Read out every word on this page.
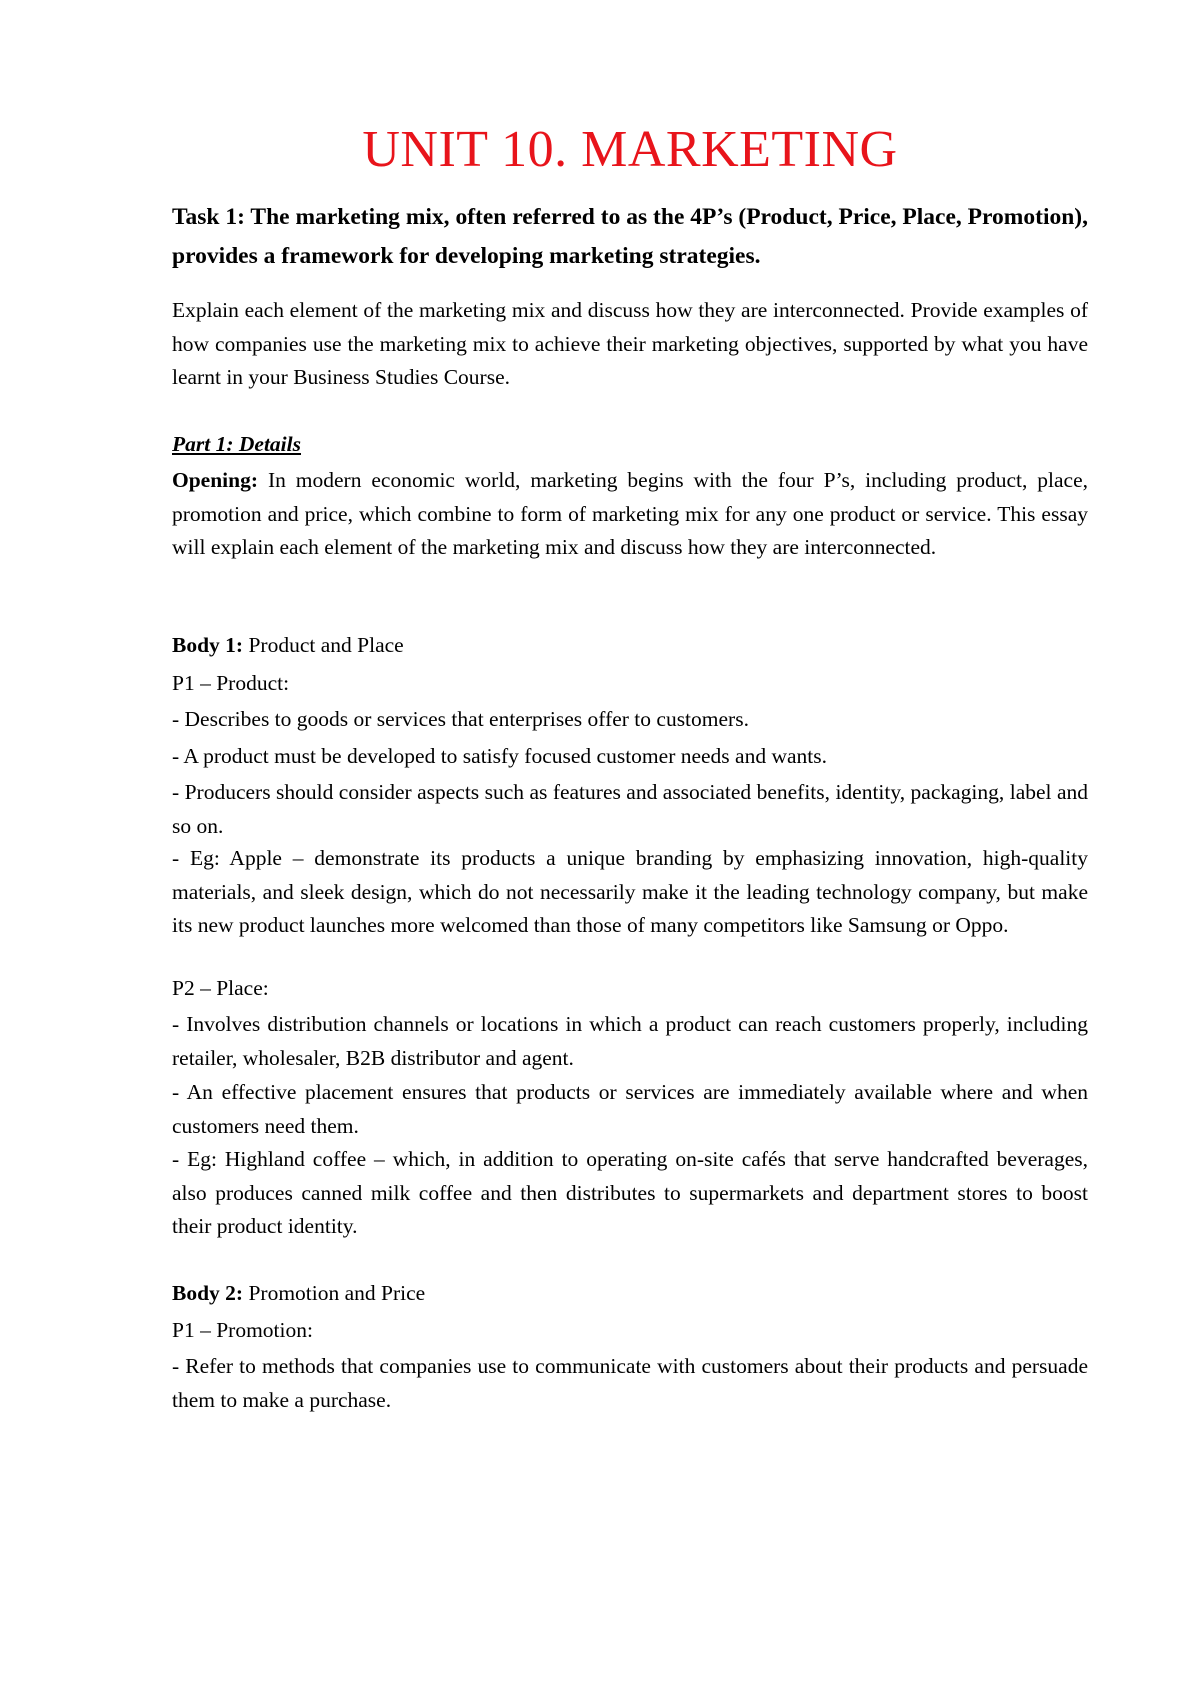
UNIT 10. MARKETING
Task 1: The marketing mix, often referred to as the 4P’s (Product, Price, Place, Promotion), provides a framework for developing marketing strategies.
Explain each element of the marketing mix and discuss how they are interconnected. Provide examples of how companies use the marketing mix to achieve their marketing objectives, supported by what you have learnt in your Business Studies Course.
Part 1: Details
Opening: In modern economic world, marketing begins with the four P’s, including product, place, promotion and price, which combine to form of marketing mix for any one product or service. This essay will explain each element of the marketing mix and discuss how they are interconnected.
Body 1: Product and Place
P1 – Product:
- Describes to goods or services that enterprises offer to customers.
- A product must be developed to satisfy focused customer needs and wants.
- Producers should consider aspects such as features and associated benefits, identity, packaging, label and so on.
- Eg: Apple – demonstrate its products a unique branding by emphasizing innovation, high-quality materials, and sleek design, which do not necessarily make it the leading technology company, but make its new product launches more welcomed than those of many competitors like Samsung or Oppo.
P2 – Place:
- Involves distribution channels or locations in which a product can reach customers properly, including retailer, wholesaler, B2B distributor and agent.
- An effective placement ensures that products or services are immediately available where and when customers need them.
- Eg: Highland coffee – which, in addition to operating on-site cafés that serve handcrafted beverages, also produces canned milk coffee and then distributes to supermarkets and department stores to boost their product identity.
Body 2: Promotion and Price
P1 – Promotion:
- Refer to methods that companies use to communicate with customers about their products and persuade them to make a purchase.
